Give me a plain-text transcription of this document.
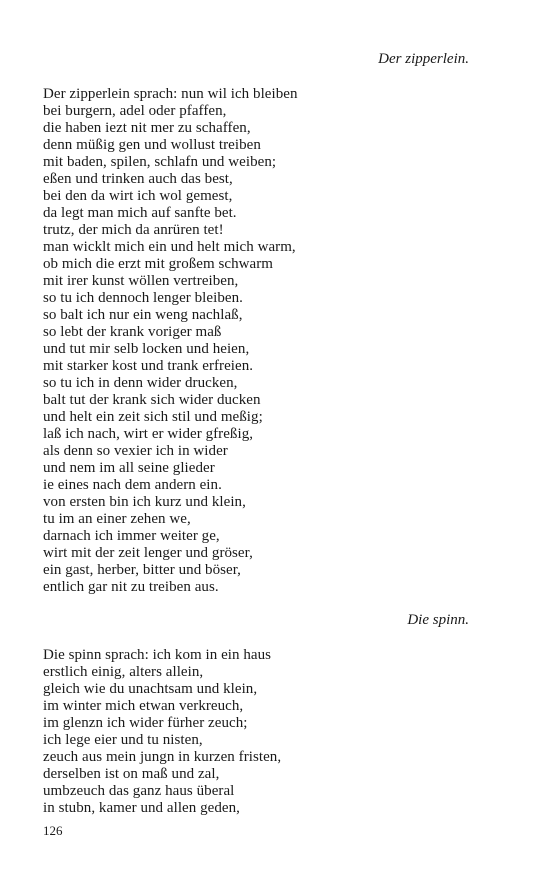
Der zipperlein.
Der zipperlein sprach: nun wil ich bleiben
bei burgern, adel oder pfaffen,
die haben iezt nit mer zu schaffen,
denn müßig gen und wollust treiben
mit baden, spilen, schlafn und weiben;
eßen und trinken auch das best,
bei den da wirt ich wol gemest,
da legt man mich auf sanfte bet.
trutz, der mich da anrüren tet!
man wicklt mich ein und helt mich warm,
ob mich die erzt mit großem schwarm
mit irer kunst wöllen vertreiben,
so tu ich dennoch lenger bleiben.
so balt ich nur ein weng nachlaß,
so lebt der krank voriger maß
und tut mir selb locken und heien,
mit starker kost und trank erfreien.
so tu ich in denn wider drucken,
balt tut der krank sich wider ducken
und helt ein zeit sich stil und meßig;
laß ich nach, wirt er wider gfreßig,
als denn so vexier ich in wider
und nem im all seine glieder
ie eines nach dem andern ein.
von ersten bin ich kurz und klein,
tu im an einer zehen we,
darnach ich immer weiter ge,
wirt mit der zeit lenger und gröser,
ein gast, herber, bitter und böser,
entlich gar nit zu treiben aus.
Die spinn.
Die spinn sprach: ich kom in ein haus
erstlich einig, alters allein,
gleich wie du unachtsam und klein,
im winter mich etwan verkreuch,
im glenzn ich wider fürher zeuch;
ich lege eier und tu nisten,
zeuch aus mein jungn in kurzen fristen,
derselben ist on maß und zal,
umbzeuch das ganz haus überal
in stubn, kamer und allen geden,
126
